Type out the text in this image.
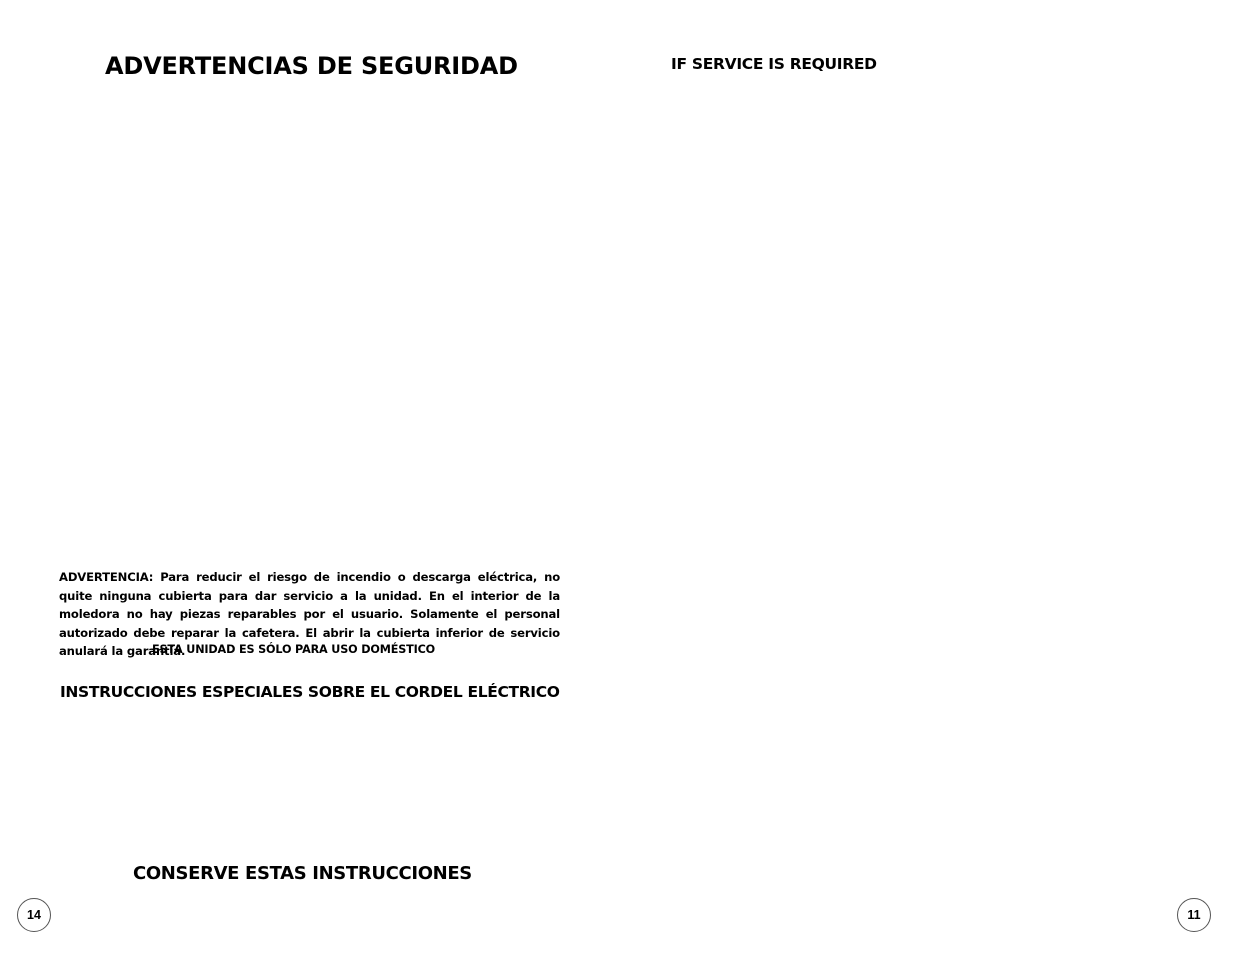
ADVERTENCIAS DE SEGURIDAD

ADVERTENCIA: Para reducir el riesgo de incendio o descarga eléctrica, no quite ninguna cubierta para dar servicio a la unidad. En el interior de la moledora no hay piezas reparables por el usuario. Solamente el personal autorizado debe reparar la cafetera. El abrir la cubierta inferior de servicio anulará la garantía.

ESTA UNIDAD ES SÓLO PARA USO DOMÉSTICO

INSTRUCCIONES ESPECIALES SOBRE EL CORDEL ELÉCTRICO
CONSERVE ESTAS INSTRUCCIONES
14
IF SERVICE IS REQUIRED
11
